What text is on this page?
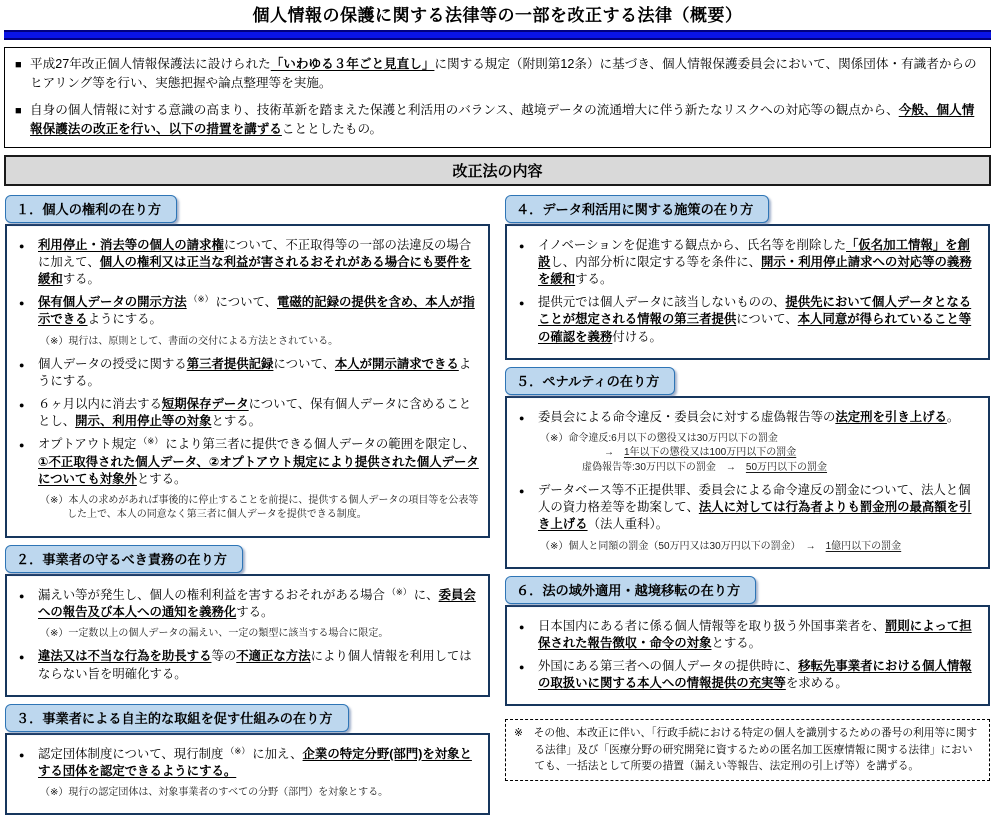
個人情報の保護に関する法律等の一部を改正する法律（概要）
■ 平成27年改正個人情報保護法に設けられた「いわゆる３年ごと見直し」に関する規定（附則第12条）に基づき、個人情報保護委員会において、関係団体・有識者からのヒアリング等を行い、実態把握や論点整理等を実施。
■ 自身の個人情報に対する意識の高まり、技術革新を踏まえた保護と利活用のバランス、越境データの流通増大に伴う新たなリスクへの対応等の観点から、今般、個人情報保護法の改正を行い、以下の措置を講ずることとしたもの。
改正法の内容
１．個人の権利の在り方
●	利用停止・消去等の個人の請求権について、不正取得等の一部の法違反の場合に加えて、個人の権利又は正当な利益が害されるおそれがある場合にも要件を緩和する。
●	保有個人データの開示方法 （※） について、電磁的記録の提供を含め、本人が指示できるようにする。
（※）現行は、原則として、書面の交付による方法とされている。
●	個人データの授受に関する第三者提供記録について、本人が開示請求できるようにする。
●	６ヶ月以内に消去する短期保存データについて、保有個人データに含めることとし、開示、利用停止等の対象とする。
●	オプトアウト規定 （※） により第三者に提供できる個人データの範囲を限定し、①不正取得された個人データ、②オプトアウト規定により提供された個人データについても対象外とする。
（※）本人の求めがあれば事後的に停止することを前提に、提供する個人データの項目等を公表等した上で、本人の同意なく第三者に個人データを提供できる制度。
２．事業者の守るべき責務の在り方
●	漏えい等が発生し、個人の権利利益を害するおそれがある場合 （※） に、委員会への報告及び本人への通知を義務化する。
（※）一定数以上の個人データの漏えい、一定の類型に該当する場合に限定。
●	違法又は不当な行為を助長する等の不適正な方法により個人情報を利用してはならない旨を明確化する。
３．事業者による自主的な取組を促す仕組みの在り方
●	認定団体制度について、現行制度 （※） に加え、企業の特定分野(部門)を対象とする団体を認定できるようにする。
（※）現行の認定団体は、対象事業者のすべての分野（部門）を対象とする。
４．データ利活用に関する施策の在り方
●	イノベーションを促進する観点から、氏名等を削除した「仮名加工情報」を創設し、内部分析に限定する等を条件に、開示・利用停止請求への対応等の義務を緩和する。
●	提供元では個人データに該当しないものの、提供先において個人データとなることが想定される情報の第三者提供について、本人同意が得られていること等の確認を義務付ける。
５．ペナルティの在り方
●	委員会による命令違反・委員会に対する虚偽報告等の法定刑を引き上げる。
（※）命令違反:6月以下の懲役又は30万円以下の罰金
→　1年以下の懲役又は100万円以下の罰金
虚偽報告等:30万円以下の罰金　→　50万円以下の罰金
●	データベース等不正提供罪、委員会による命令違反の罰金について、法人と個人の資力格差等を勘案して、法人に対しては行為者よりも罰金刑の最高額を引き上げる（法人重科）。
（※）個人と同額の罰金（50万円又は30万円以下の罰金）　→　1億円以下の罰金
６．法の域外適用・越境移転の在り方
●	日本国内にある者に係る個人情報等を取り扱う外国事業者を、罰則によって担保された報告徴収・命令の対象とする。
●	外国にある第三者への個人データの提供時に、移転先事業者における個人情報の取扱いに関する本人への情報提供の充実等を求める。
※　その他、本改正に伴い、「行政手続における特定の個人を識別するための番号の利用等に関する法律」及び「医療分野の研究開発に資するための匿名加工医療情報に関する法律」においても、一括法として所要の措置（漏えい等報告、法定刑の引上げ等）を講ずる。
